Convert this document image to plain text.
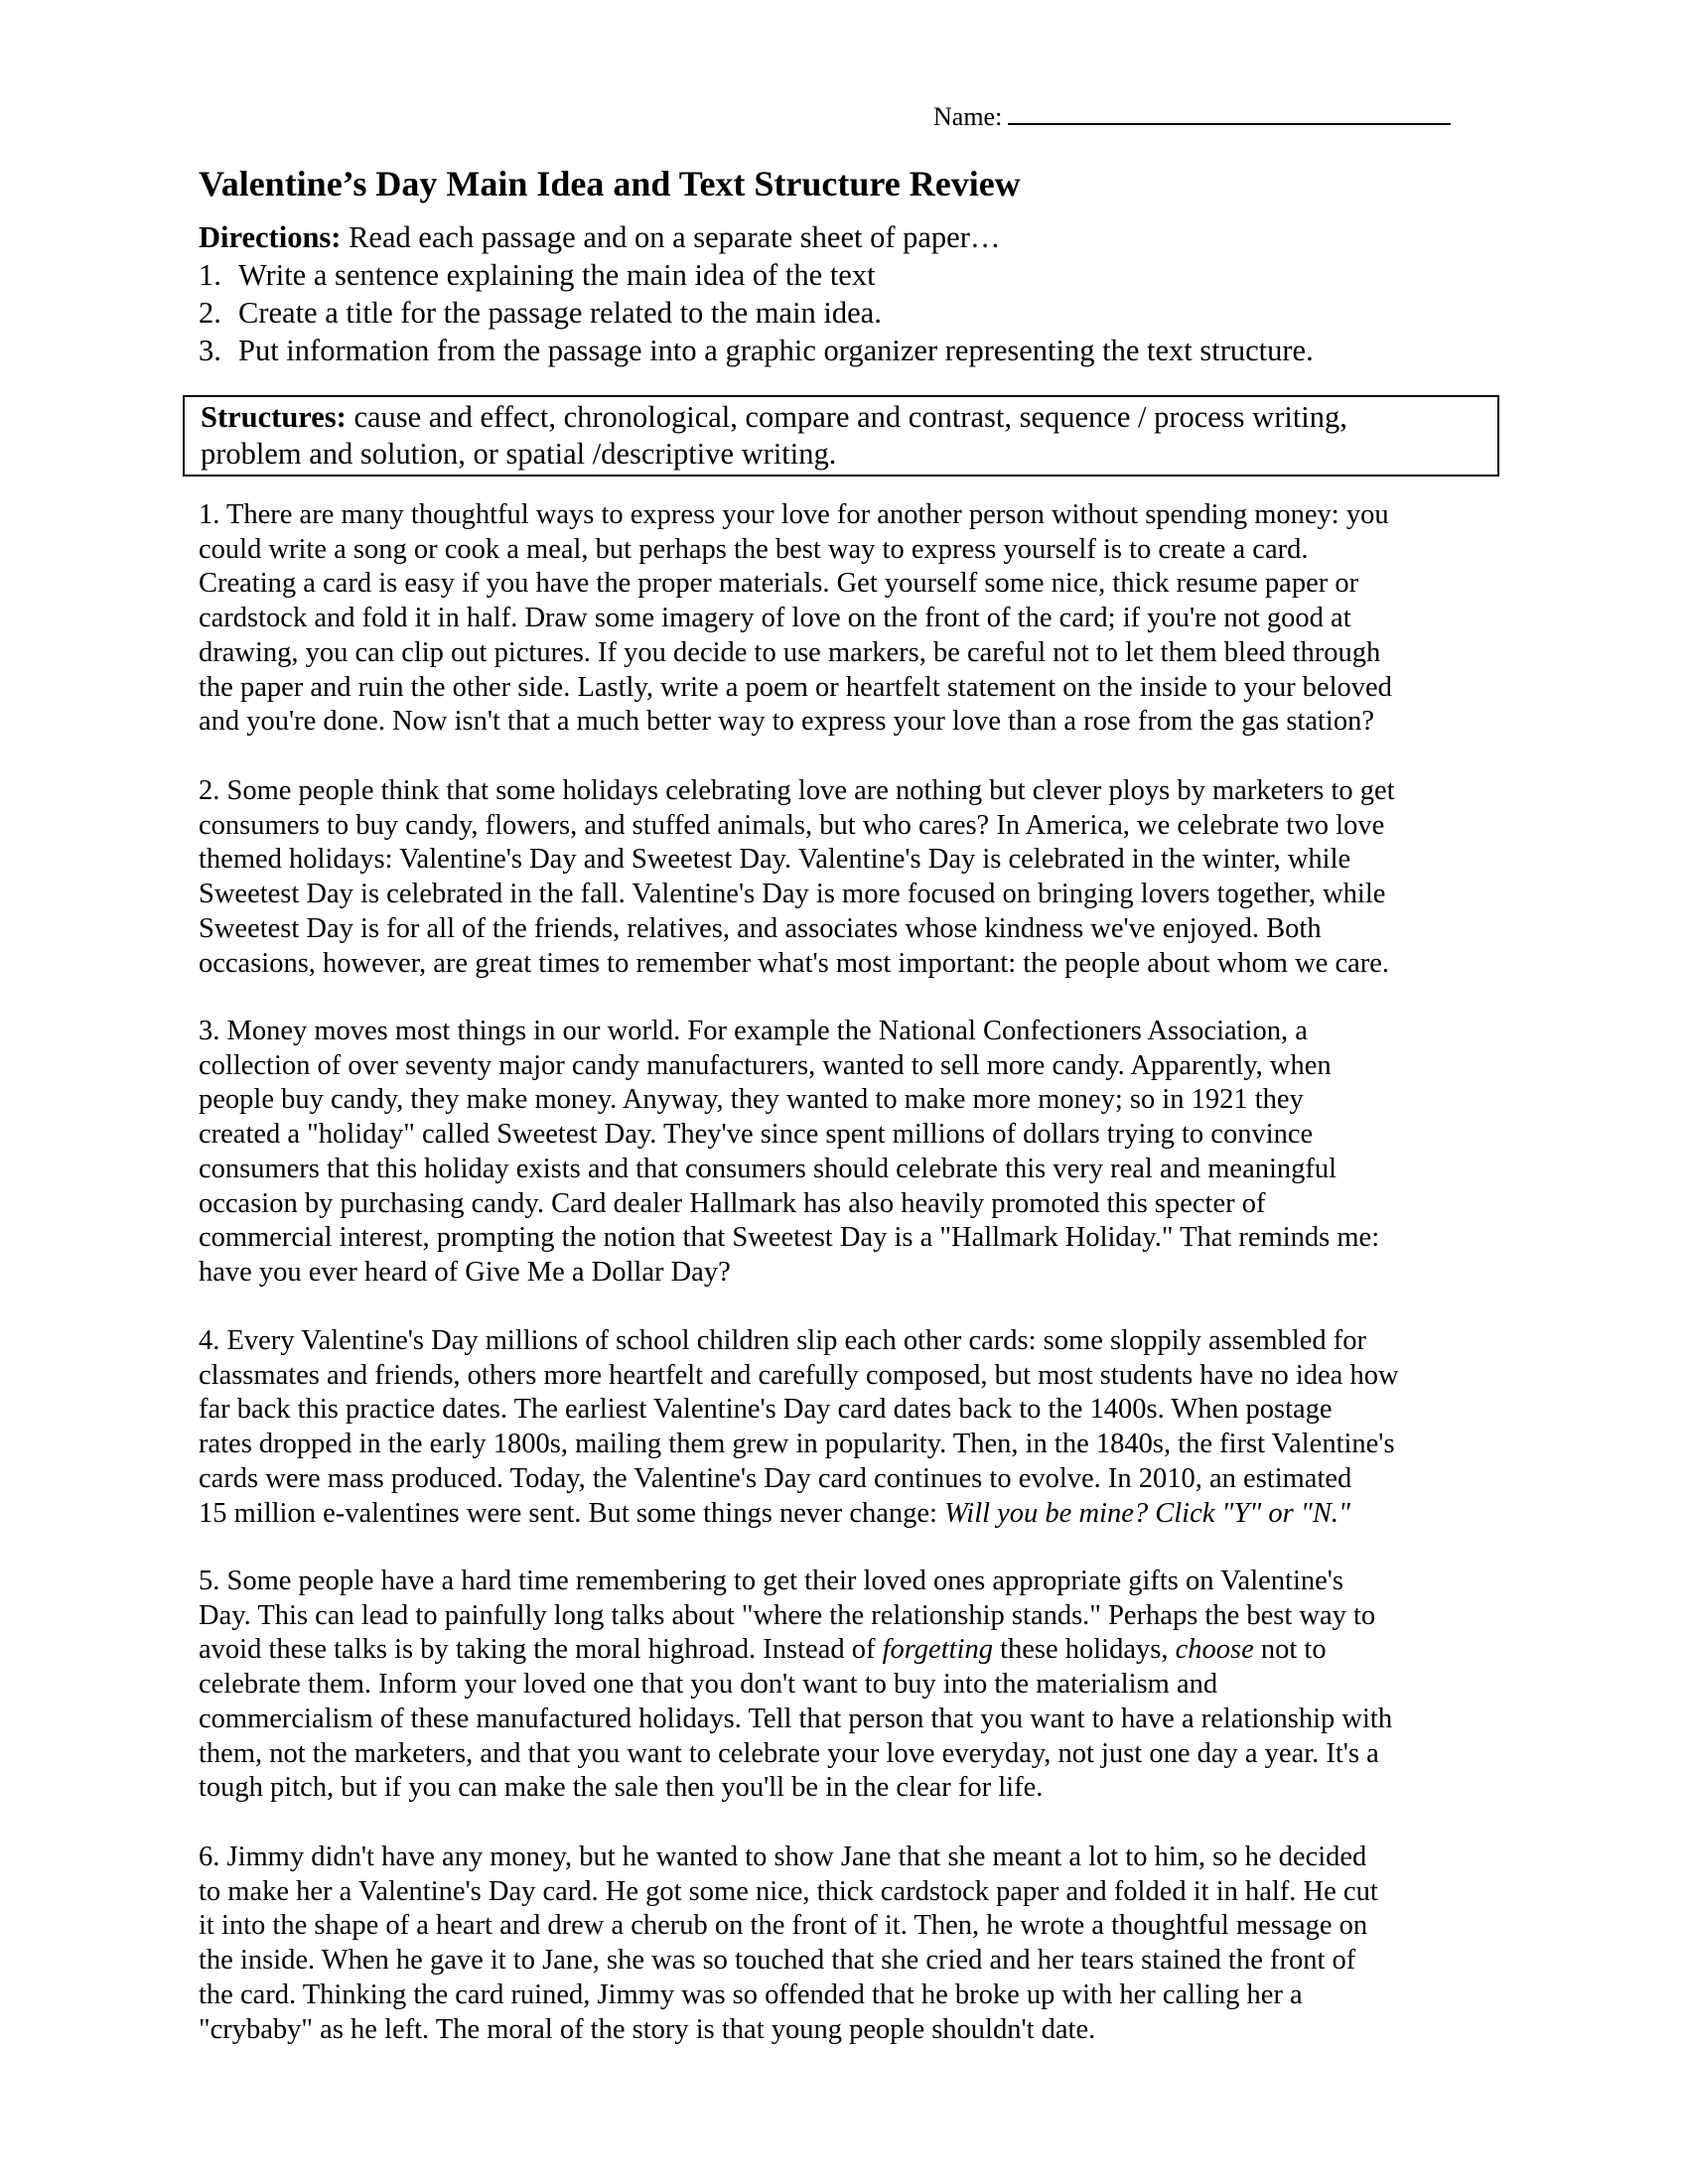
Name:
Valentine’s Day Main Idea and Text Structure Review
Directions: Read each passage and on a separate sheet of paper…
1. Write a sentence explaining the main idea of the text
2. Create a title for the passage related to the main idea.
3. Put information from the passage into a graphic organizer representing the text structure.
Structures: cause and effect, chronological, compare and contrast, sequence / process writing,
problem and solution, or spatial /descriptive writing.
1. There are many thoughtful ways to express your love for another person without spending money: you
could write a song or cook a meal, but perhaps the best way to express yourself is to create a card.
Creating a card is easy if you have the proper materials. Get yourself some nice, thick resume paper or
cardstock and fold it in half. Draw some imagery of love on the front of the card; if you're not good at
drawing, you can clip out pictures. If you decide to use markers, be careful not to let them bleed through
the paper and ruin the other side. Lastly, write a poem or heartfelt statement on the inside to your beloved
and you're done. Now isn't that a much better way to express your love than a rose from the gas station?
2. Some people think that some holidays celebrating love are nothing but clever ploys by marketers to get
consumers to buy candy, flowers, and stuffed animals, but who cares? In America, we celebrate two love
themed holidays: Valentine's Day and Sweetest Day. Valentine's Day is celebrated in the winter, while
Sweetest Day is celebrated in the fall. Valentine's Day is more focused on bringing lovers together, while
Sweetest Day is for all of the friends, relatives, and associates whose kindness we've enjoyed. Both
occasions, however, are great times to remember what's most important: the people about whom we care.
3. Money moves most things in our world. For example the National Confectioners Association, a
collection of over seventy major candy manufacturers, wanted to sell more candy. Apparently, when
people buy candy, they make money. Anyway, they wanted to make more money; so in 1921 they
created a "holiday" called Sweetest Day. They've since spent millions of dollars trying to convince
consumers that this holiday exists and that consumers should celebrate this very real and meaningful
occasion by purchasing candy. Card dealer Hallmark has also heavily promoted this specter of
commercial interest, prompting the notion that Sweetest Day is a "Hallmark Holiday." That reminds me:
have you ever heard of Give Me a Dollar Day?
4. Every Valentine's Day millions of school children slip each other cards: some sloppily assembled for
classmates and friends, others more heartfelt and carefully composed, but most students have no idea how
far back this practice dates. The earliest Valentine's Day card dates back to the 1400s. When postage
rates dropped in the early 1800s, mailing them grew in popularity. Then, in the 1840s, the first Valentine's
cards were mass produced. Today, the Valentine's Day card continues to evolve. In 2010, an estimated
15 million e-valentines were sent. But some things never change: Will you be mine? Click "Y" or "N."
5. Some people have a hard time remembering to get their loved ones appropriate gifts on Valentine's
Day. This can lead to painfully long talks about "where the relationship stands." Perhaps the best way to
avoid these talks is by taking the moral highroad. Instead of forgetting these holidays, choose not to
celebrate them. Inform your loved one that you don't want to buy into the materialism and
commercialism of these manufactured holidays. Tell that person that you want to have a relationship with
them, not the marketers, and that you want to celebrate your love everyday, not just one day a year. It's a
tough pitch, but if you can make the sale then you'll be in the clear for life.
6. Jimmy didn't have any money, but he wanted to show Jane that she meant a lot to him, so he decided
to make her a Valentine's Day card. He got some nice, thick cardstock paper and folded it in half. He cut
it into the shape of a heart and drew a cherub on the front of it. Then, he wrote a thoughtful message on
the inside. When he gave it to Jane, she was so touched that she cried and her tears stained the front of
the card. Thinking the card ruined, Jimmy was so offended that he broke up with her calling her a
"crybaby" as he left. The moral of the story is that young people shouldn't date.
